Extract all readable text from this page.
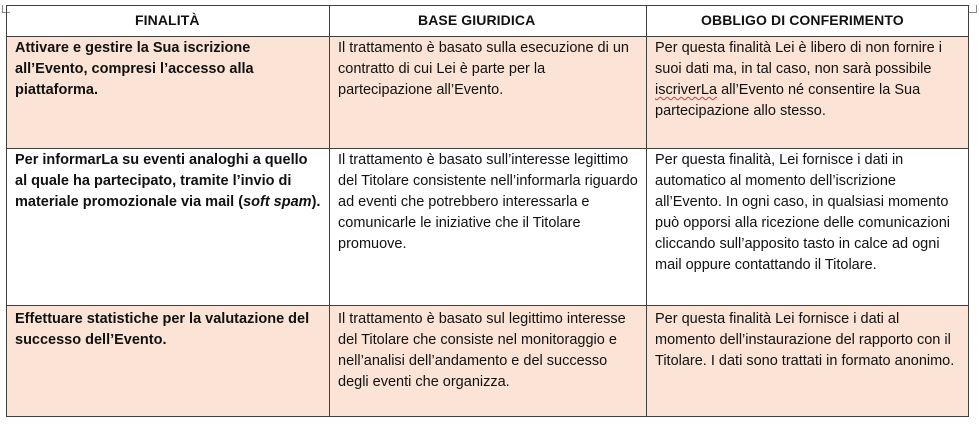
FINALITÀ	BASE GIURIDICA	OBBLIGO DI CONFERIMENTO
Attivare e gestire la Sua iscrizione all’Evento, compresi l’accesso alla piattaforma.	Il trattamento è basato sulla esecuzione di un contratto di cui Lei è parte per la partecipazione all’Evento.	Per questa finalità Lei è libero di non fornire i suoi dati ma, in tal caso, non sarà possibile iscriverLa all’Evento né consentire la Sua partecipazione allo stesso.
Per informarLa su eventi analoghi a quello al quale ha partecipato, tramite l’invio di materiale promozionale via mail (soft spam).	Il trattamento è basato sull’interesse legittimo del Titolare consistente nell’informarla riguardo ad eventi che potrebbero interessarla e comunicarle le iniziative che il Titolare promuove.	Per questa finalità, Lei fornisce i dati in automatico al momento dell’iscrizione all’Evento. In ogni caso, in qualsiasi momento può opporsi alla ricezione delle comunicazioni cliccando sull’apposito tasto in calce ad ogni mail oppure contattando il Titolare.
Effettuare statistiche per la valutazione del successo dell’Evento.	Il trattamento è basato sul legittimo interesse del Titolare che consiste nel monitoraggio e nell’analisi dell’andamento e del successo degli eventi che organizza.	Per questa finalità Lei fornisce i dati al momento dell’instaurazione del rapporto con il Titolare. I dati sono trattati in formato anonimo.
